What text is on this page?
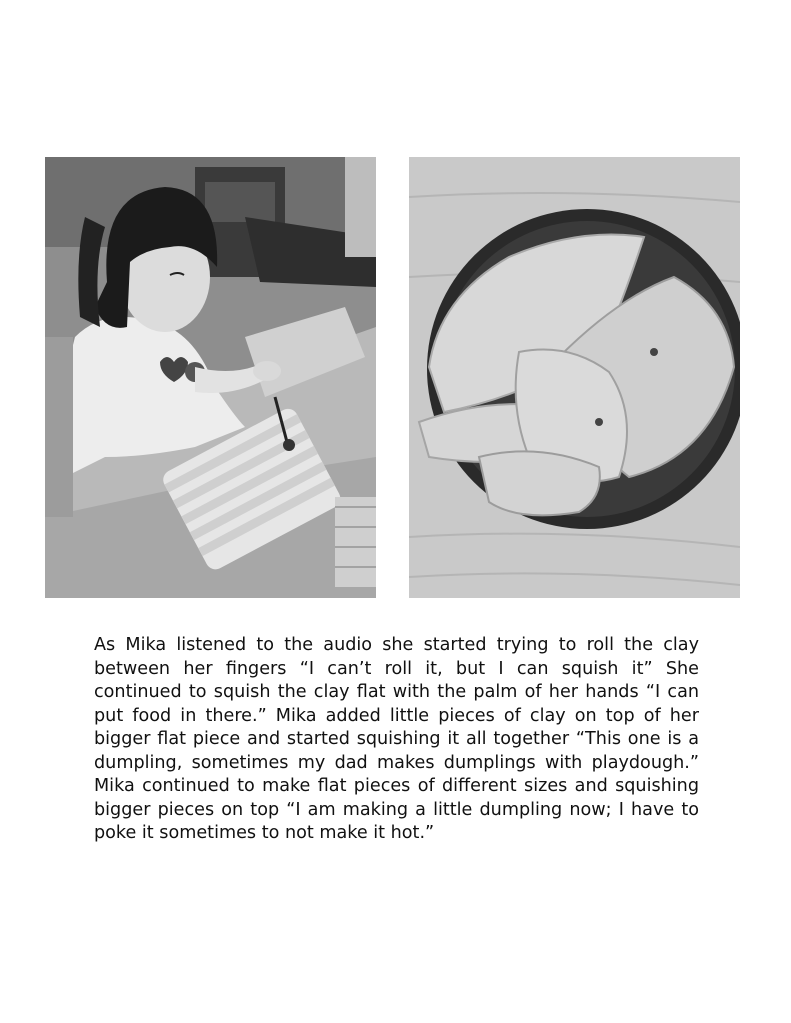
As Mika listened to the audio she started trying to roll the clay between her fingers “I can’t roll it, but I can squish it” She continued to squish the clay flat with the palm of her hands “I can put food in there.” Mika added little pieces of clay on top of her bigger flat piece and started squishing it all together “This one is a dumpling, sometimes my dad makes dumplings with playdough.” Mika continued to make flat pieces of different sizes and squishing bigger pieces on top “I am making a little dumpling now; I have to poke it sometimes to not make it hot.”
